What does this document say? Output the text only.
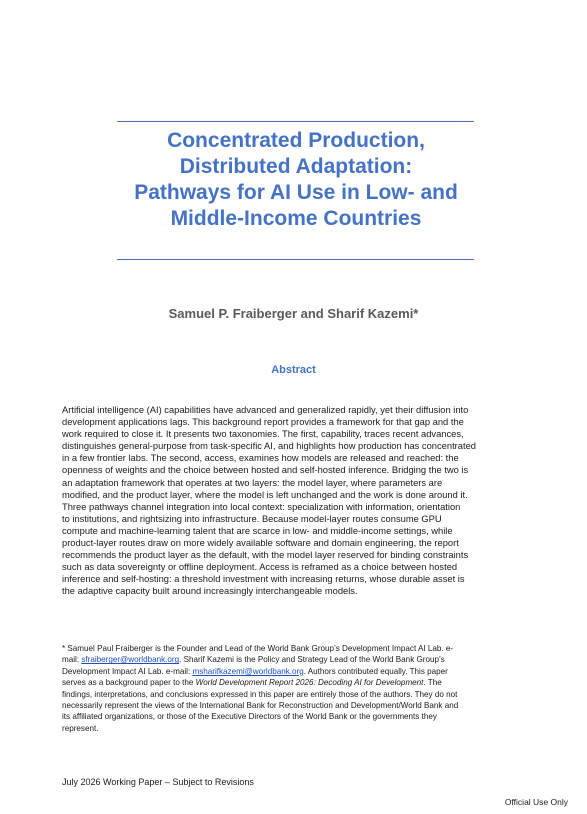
Concentrated Production,
Distributed Adaptation:
Pathways for AI Use in Low- and
Middle-Income Countries
Samuel P. Fraiberger and Sharif Kazemi*
Abstract
Artificial intelligence (AI) capabilities have advanced and generalized rapidly, yet their diffusion into
development applications lags. This background report provides a framework for that gap and the
work required to close it. It presents two taxonomies. The first, capability, traces recent advances,
distinguishes general-purpose from task-specific AI, and highlights how production has concentrated
in a few frontier labs. The second, access, examines how models are released and reached: the
openness of weights and the choice between hosted and self-hosted inference. Bridging the two is
an adaptation framework that operates at two layers: the model layer, where parameters are
modified, and the product layer, where the model is left unchanged and the work is done around it.
Three pathways channel integration into local context: specialization with information, orientation
to institutions, and rightsizing into infrastructure. Because model-layer routes consume GPU
compute and machine-learning talent that are scarce in low- and middle-income settings, while
product-layer routes draw on more widely available software and domain engineering, the report
recommends the product layer as the default, with the model layer reserved for binding constraints
such as data sovereignty or offline deployment. Access is reframed as a choice between hosted
inference and self-hosting: a threshold investment with increasing returns, whose durable asset is
the adaptive capacity built around increasingly interchangeable models.
* Samuel Paul Fraiberger is the Founder and Lead of the World Bank Group’s Development Impact AI Lab. e-
mail: sfraiberger@worldbank.org. Sharif Kazemi is the Policy and Strategy Lead of the World Bank Group’s
Development Impact AI Lab. e-mail: msharifkazemi@worldbank.org. Authors contributed equally. This paper
serves as a background paper to the World Development Report 2026: Decoding AI for Development. The
findings, interpretations, and conclusions expressed in this paper are entirely those of the authors. They do not
necessarily represent the views of the International Bank for Reconstruction and Development/World Bank and
its affiliated organizations, or those of the Executive Directors of the World Bank or the governments they
represent.
July 2026 Working Paper – Subject to Revisions
Official Use Only
